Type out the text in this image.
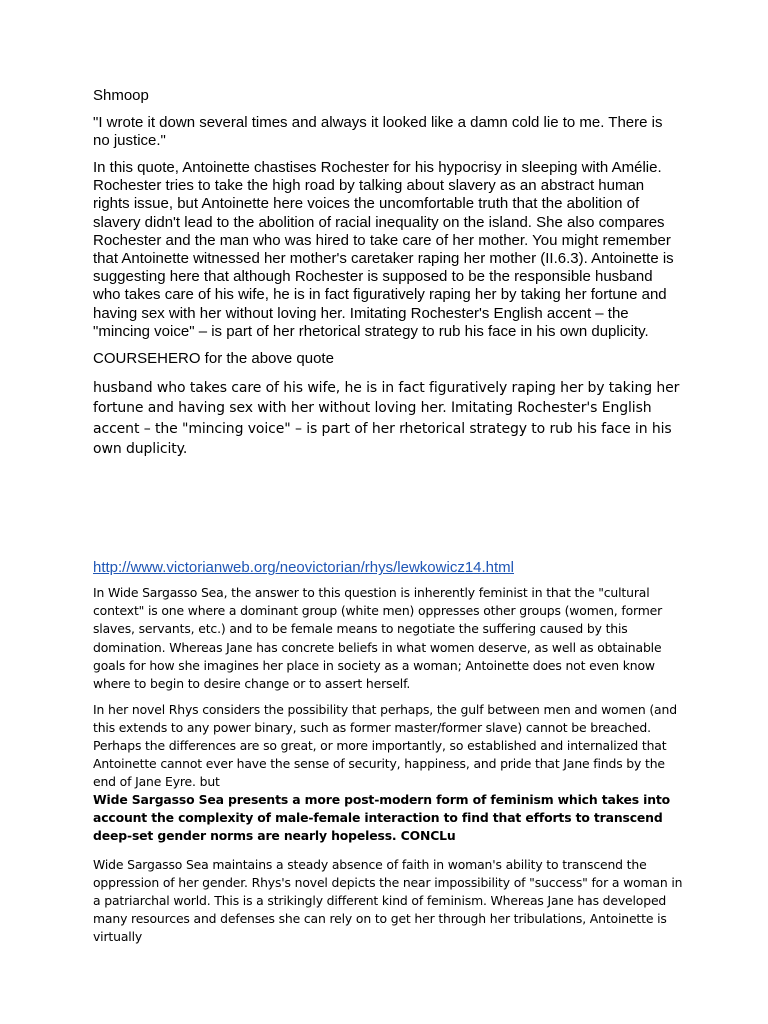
Shmoop

"I wrote it down several times and always it looked like a damn cold lie to me. There is no justice."

In this quote, Antoinette chastises Rochester for his hypocrisy in sleeping with Amélie. Rochester tries to take the high road by talking about slavery as an abstract human rights issue, but Antoinette here voices the uncomfortable truth that the abolition of slavery didn't lead to the abolition of racial inequality on the island. She also compares Rochester and the man who was hired to take care of her mother. You might remember that Antoinette witnessed her mother's caretaker raping her mother (II.6.3). Antoinette is suggesting here that although Rochester is supposed to be the responsible husband who takes care of his wife, he is in fact figuratively raping her by taking her fortune and having sex with her without loving her. Imitating Rochester's English accent – the "mincing voice" – is part of her rhetorical strategy to rub his face in his own duplicity.

COURSEHERO for the above quote

husband who takes care of his wife, he is in fact figuratively raping her by taking her fortune and having sex with her without loving her. Imitating Rochester's English accent – the "mincing voice" – is part of her rhetorical strategy to rub his face in his own duplicity.

http://www.victorianweb.org/neovictorian/rhys/lewkowicz14.html

In Wide Sargasso Sea, the answer to this question is inherently feminist in that the "cultural context" is one where a dominant group (white men) oppresses other groups (women, former slaves, servants, etc.) and to be female means to negotiate the suffering caused by this domination. Whereas Jane has concrete beliefs in what women deserve, as well as obtainable goals for how she imagines her place in society as a woman; Antoinette does not even know where to begin to desire change or to assert herself.

In her novel Rhys considers the possibility that perhaps, the gulf between men and women (and this extends to any power binary, such as former master/former slave) cannot be breached. Perhaps the differences are so great, or more importantly, so established and internalized that Antoinette cannot ever have the sense of security, happiness, and pride that Jane finds by the end of Jane Eyre. but
Wide Sargasso Sea presents a more post-modern form of feminism which takes into account the complexity of male-female interaction to find that efforts to transcend deep-set gender norms are nearly hopeless. CONCLu

Wide Sargasso Sea maintains a steady absence of faith in woman's ability to transcend the oppression of her gender. Rhys's novel depicts the near impossibility of "success" for a woman in a patriarchal world. This is a strikingly different kind of feminism. Whereas Jane has developed many resources and defenses she can rely on to get her through her tribulations, Antoinette is virtually
